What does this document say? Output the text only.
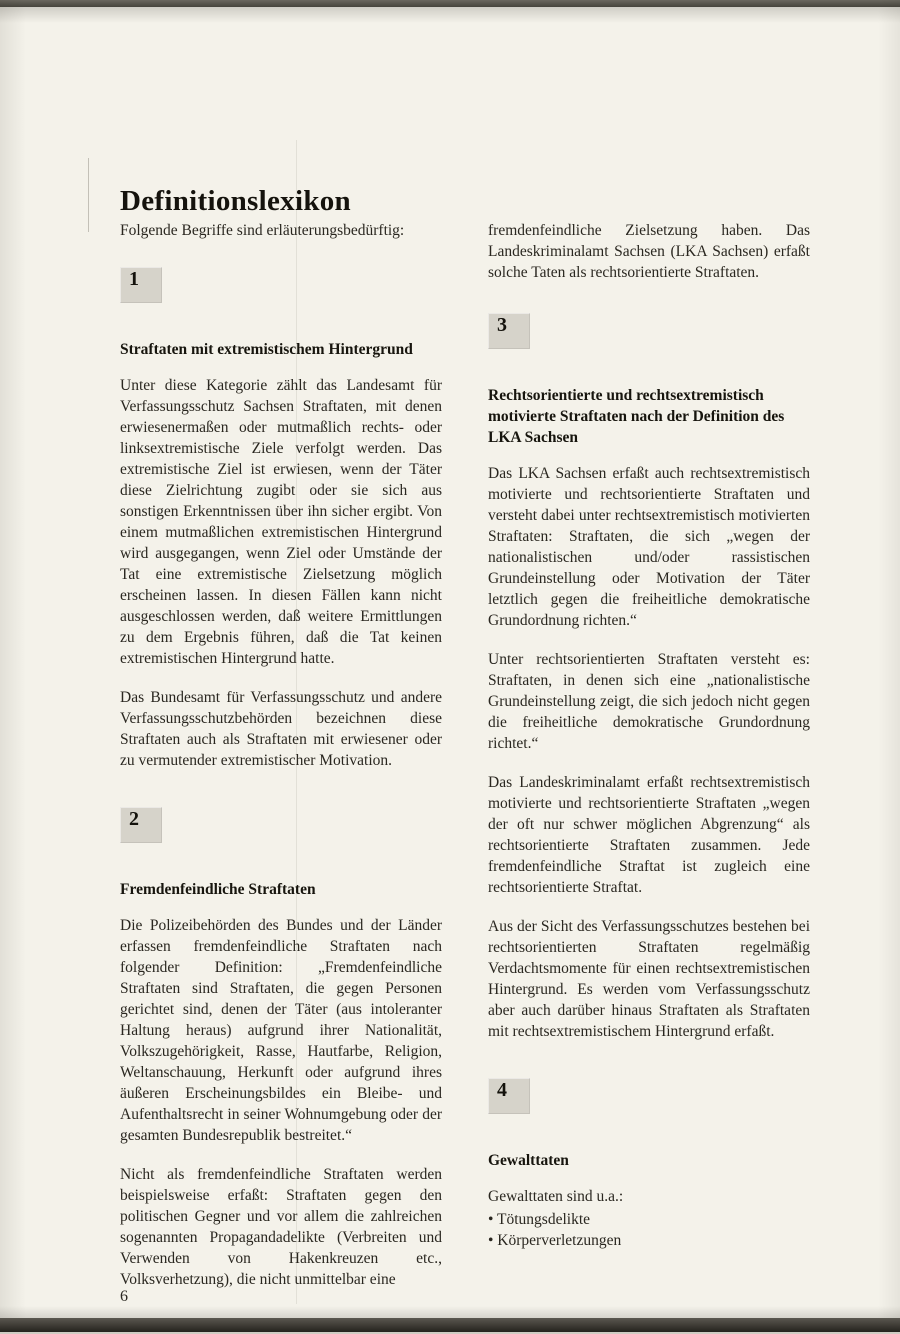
Definitionslexikon
Folgende Begriffe sind erläuterungsbedürftig:
1
Straftaten mit extremistischem Hintergrund

Unter diese Kategorie zählt das Landesamt für Verfassungsschutz Sachsen Straftaten, mit denen erwiesenermaßen oder mutmaßlich rechts- oder linksextremistische Ziele verfolgt werden. Das extremistische Ziel ist erwiesen, wenn der Täter diese Zielrichtung zugibt oder sie sich aus sonstigen Erkenntnissen über ihn sicher ergibt. Von einem mutmaßlichen extremistischen Hintergrund wird ausgegangen, wenn Ziel oder Umstände der Tat eine extremistische Zielsetzung möglich erscheinen lassen. In diesen Fällen kann nicht ausgeschlossen werden, daß weitere Ermittlungen zu dem Ergebnis führen, daß die Tat keinen extremistischen Hintergrund hatte.

Das Bundesamt für Verfassungsschutz und andere Verfassungsschutzbehörden bezeichnen diese Straftaten auch als Straftaten mit erwiesener oder zu vermutender extremistischer Motivation.

2
Fremdenfeindliche Straftaten

Die Polizeibehörden des Bundes und der Länder erfassen fremdenfeindliche Straftaten nach folgender Definition: „Fremdenfeindliche Straftaten sind Straftaten, die gegen Personen gerichtet sind, denen der Täter (aus intoleranter Haltung heraus) aufgrund ihrer Nationalität, Volkszugehörigkeit, Rasse, Hautfarbe, Religion, Weltanschauung, Herkunft oder aufgrund ihres äußeren Erscheinungsbildes ein Bleibe- und Aufenthaltsrecht in seiner Wohnumgebung oder der gesamten Bundesrepublik bestreitet.“

Nicht als fremdenfeindliche Straftaten werden beispielsweise erfaßt: Straftaten gegen den politischen Gegner und vor allem die zahlreichen sogenannten Propagandadelikte (Verbreiten und Verwenden von Hakenkreuzen etc., Volksverhetzung), die nicht unmittelbar eine

fremdenfeindliche Zielsetzung haben. Das Landeskriminalamt Sachsen (LKA Sachsen) erfaßt solche Taten als rechtsorientierte Straftaten.

3
Rechtsorientierte und rechtsextremistisch motivierte Straftaten nach der Definition des LKA Sachsen

Das LKA Sachsen erfaßt auch rechtsextremistisch motivierte und rechtsorientierte Straftaten und versteht dabei unter rechtsextremistisch motivierten Straftaten: Straftaten, die sich „wegen der nationalistischen und/oder rassistischen Grundeinstellung oder Motivation der Täter letztlich gegen die freiheitliche demokratische Grundordnung richten.“

Unter rechtsorientierten Straftaten versteht es: Straftaten, in denen sich eine „nationalistische Grundeinstellung zeigt, die sich jedoch nicht gegen die freiheitliche demokratische Grundordnung richtet.“

Das Landeskriminalamt erfaßt rechtsextremistisch motivierte und rechtsorientierte Straftaten „wegen der oft nur schwer möglichen Abgrenzung“ als rechtsorientierte Straftaten zusammen. Jede fremdenfeindliche Straftat ist zugleich eine rechtsorientierte Straftat.

Aus der Sicht des Verfassungsschutzes bestehen bei rechtsorientierten Straftaten regelmäßig Verdachtsmomente für einen rechtsextremistischen Hintergrund. Es werden vom Verfassungsschutz aber auch darüber hinaus Straftaten als Straftaten mit rechtsextremistischem Hintergrund erfaßt.

4
Gewalttaten
Gewalttaten sind u.a.:
• Tötungsdelikte
• Körperverletzungen
6
